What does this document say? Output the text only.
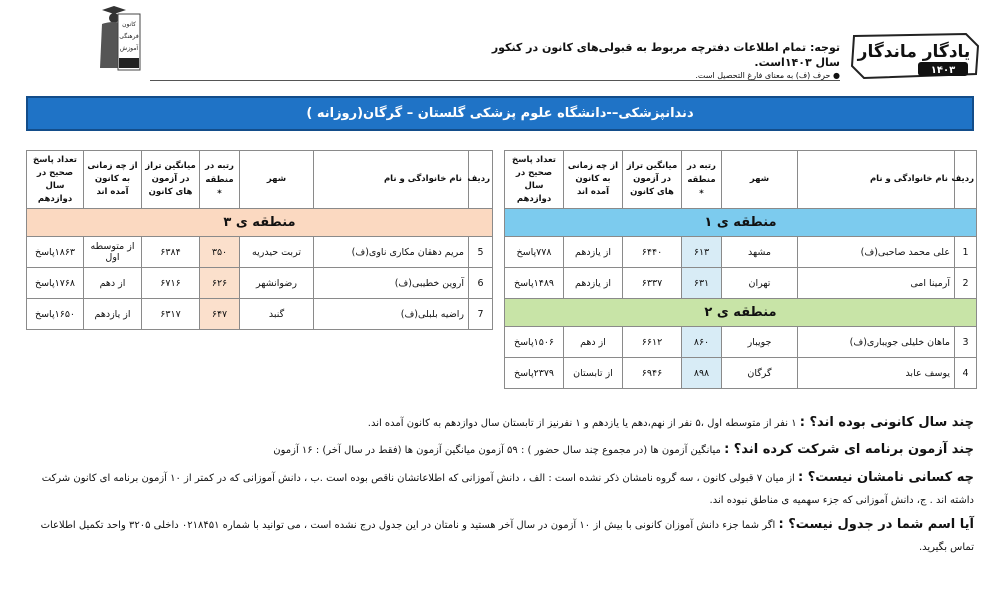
یادگار ماندگار
۱۴۰۳
کانون
فرهنگی
آموزش	توجه: تمام اطلاعات دفترچه مربوط به قبولی‌های کانون در کنکور سال ۱۴۰۳است.
● حرف (ف) به معنای فارغ التحصیل است.
دندانپزشکی–-دانشگاه علوم پزشکی گلستان – گرگان(روزانه )
ردیف	نام خانوادگی و نام	شهر	رتبه در منطقه *	میانگین تراز در آزمون های کانون	از چه زمانی به کانون آمده اند	تعداد پاسخ صحیح در سال دوازدهم
منطقه ی ۱						
1	علی محمد صاحبی(ف)	مشهد	۶۱۳	۶۴۴۰	از یازدهم	۷۷۸پاسخ
2	آرمینا امی	تهران	۶۳۱	۶۳۳۷	از یازدهم	۱۴۸۹پاسخ
منطقه ی ۲						
3	ماهان خلیلی جویباری(ف)	جویبار	۸۶۰	۶۶۱۲	از دهم	۱۵۰۶پاسخ
4	یوسف عابد	گرگان	۸۹۸	۶۹۴۶	از تابستان	۲۳۷۹پاسخ
ردیف	نام خانوادگی و نام	شهر	رتبه در منطقه *	میانگین تراز در آزمون های کانون	از چه زمانی به کانون آمده اند	تعداد پاسخ صحیح در سال دوازدهم
منطقه ی ۳						
5	مریم دهقان مکاری ناوی(ف)	تربت حیدریه	۳۵۰	۶۳۸۴	از متوسطه اول	۱۸۶۳پاسخ
6	آروین خطیبی(ف)	رضوانشهر	۶۲۶	۶۷۱۶	از دهم	۱۷۶۸پاسخ
7	راضیه بلبلی(ف)	گنبد	۶۴۷	۶۳۱۷	از یازدهم	۱۶۵۰پاسخ
چند سال کانونی بوده اند؟ : ۱ نفر از متوسطه اول ،۵ نفر از نهم،دهم یا یازدهم و ۱ نفرنیز از تابستان سال دوازدهم به کانون آمده اند.
چند آزمون برنامه ای شرکت کرده اند؟ : میانگین آزمون ها (در مجموع چند سال حضور ) : ۵۹ آزمون میانگین آزمون ها (فقط در سال آخر) : ۱۶ آزمون
چه کسانی نامشان نیست؟ : از میان ۷ قبولی کانون ، سه گروه نامشان ذکر نشده است : الف ، دانش آموزانی که اطلاعاتشان ناقص بوده است .ب ، دانش آموزانی که در کمتر از ۱۰ آزمون برنامه ای کانون شرکت داشته اند . ج، دانش آموزانی که جزء سهمیه ی مناطق نبوده اند.
آیا اسم شما در جدول نیست؟ : اگر شما جزء دانش آموزان کانونی با بیش از ۱۰ آزمون در سال آخر هستید و نامتان در این جدول درج نشده است ، می توانید با شماره ۰۲۱۸۴۵۱ داخلی ۳۲۰۵ واحد تکمیل اطلاعات تماس بگیرید.
